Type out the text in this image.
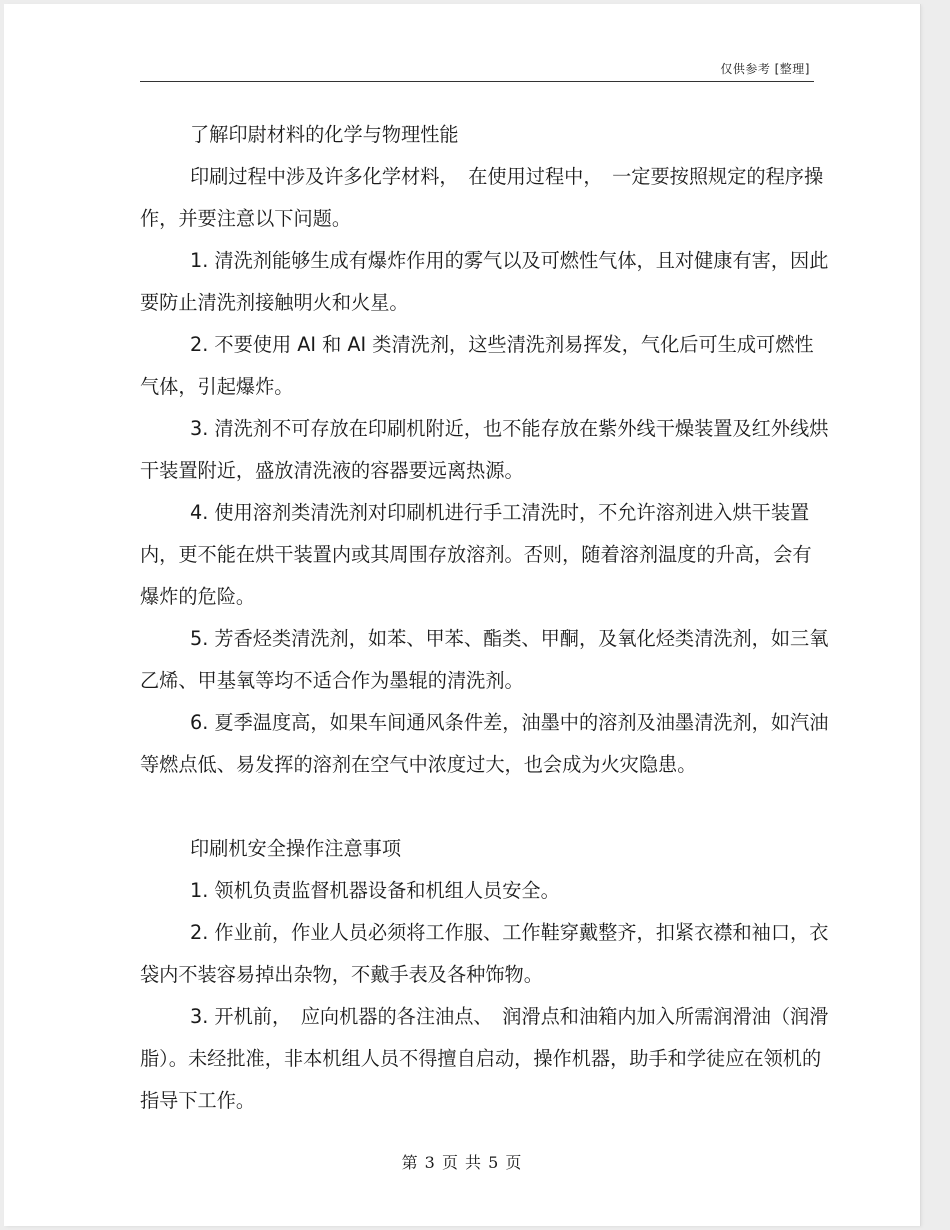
仅供参考 [整理]

了解印尉材料的化学与物理性能

印刷过程中涉及许多化学材料，　在使用过程中，　一定要按照规定的程序操作，并要注意以下问题。

1. 清洗剂能够生成有爆炸作用的雾气以及可燃性气体，且对健康有害，因此要防止清洗剂接触明火和火星。

2. 不要使用 AI 和 AI 类清洗剂，这些清洗剂易挥发，气化后可生成可燃性气体，引起爆炸。

3. 清洗剂不可存放在印刷机附近，也不能存放在紫外线干燥装置及红外线烘干装置附近，盛放清洗液的容器要远离热源。

4. 使用溶剂类清洗剂对印刷机进行手工清洗时，不允许溶剂进入烘干装置内，更不能在烘干装置内或其周围存放溶剂。否则，随着溶剂温度的升高，会有爆炸的危险。

5. 芳香烃类清洗剂，如苯、甲苯、酯类、甲酮，及氧化烃类清洗剂，如三氧乙烯、甲基氧等均不适合作为墨辊的清洗剂。

6. 夏季温度高，如果车间通风条件差，油墨中的溶剂及油墨清洗剂，如汽油等燃点低、易发挥的溶剂在空气中浓度过大，也会成为火灾隐患。

印刷机安全操作注意事项

1. 领机负责监督机器设备和机组人员安全。

2. 作业前，作业人员必须将工作服、工作鞋穿戴整齐，扣紧衣襟和袖口，衣袋内不装容易掉出杂物，不戴手表及各种饰物。

3. 开机前，　应向机器的各注油点、　润滑点和油箱内加入所需润滑油（润滑脂）。未经批准，非本机组人员不得擅自启动，操作机器，助手和学徒应在领机的指导下工作。

第 3 页 共 5 页
